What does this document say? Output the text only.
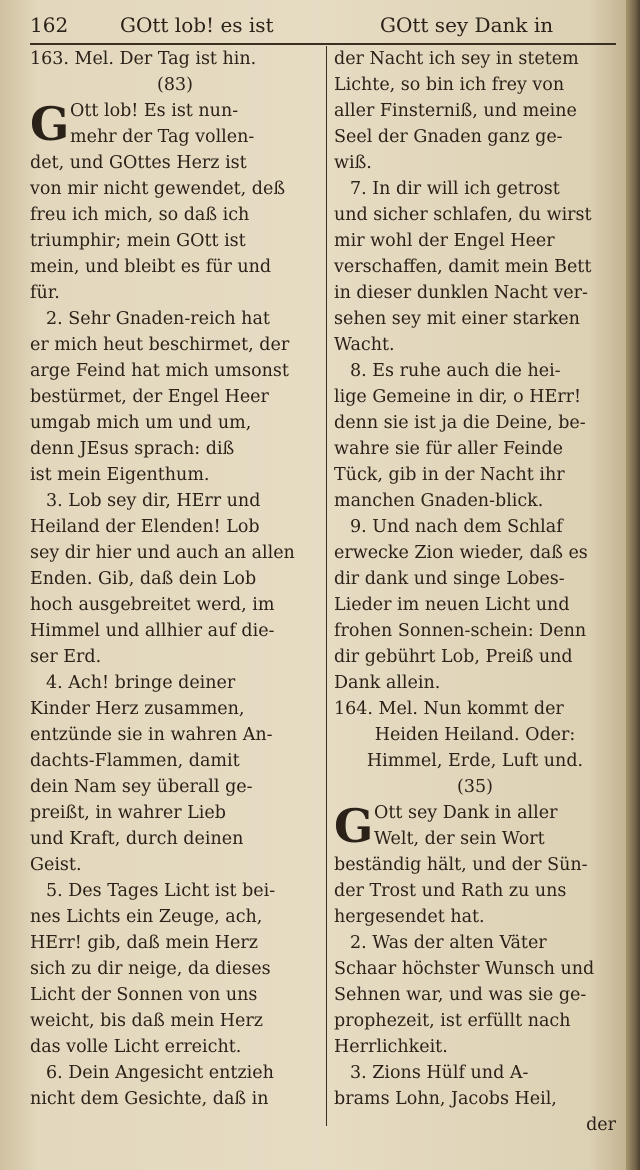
162	GOtt lob! es ist	GOtt sey Dank in
163. Mel. Der Tag ist hin.
(83)
G Ott lob! Es ist nun-
mehr der Tag vollen-
det, und GOttes Herz ist
von mir nicht gewendet, deß
freu ich mich, so daß ich
triumphir; mein GOtt ist
mein, und bleibt es für und
für.
2. Sehr Gnaden-reich hat
er mich heut beschirmet, der
arge Feind hat mich umsonst
bestürmet, der Engel Heer
umgab mich um und um,
denn JEsus sprach: diß
ist mein Eigenthum.
3. Lob sey dir, HErr und
Heiland der Elenden! Lob
sey dir hier und auch an allen
Enden. Gib, daß dein Lob
hoch ausgebreitet werd, im
Himmel und allhier auf die-
ser Erd.
4. Ach! bringe deiner
Kinder Herz zusammen,
entzünde sie in wahren An-
dachts-Flammen, damit
dein Nam sey überall ge-
preißt, in wahrer Lieb
und Kraft, durch deinen
Geist.
5. Des Tages Licht ist bei-
nes Lichts ein Zeuge, ach,
HErr! gib, daß mein Herz
sich zu dir neige, da dieses
Licht der Sonnen von uns
weicht, bis daß mein Herz
das volle Licht erreicht.
6. Dein Angesicht entzieh
nicht dem Gesichte, daß in
der Nacht ich sey in stetem
Lichte, so bin ich frey von
aller Finsterniß, und meine
Seel der Gnaden ganz ge-
wiß.
7. In dir will ich getrost
und sicher schlafen, du wirst
mir wohl der Engel Heer
verschaffen, damit mein Bett
in dieser dunklen Nacht ver-
sehen sey mit einer starken
Wacht.
8. Es ruhe auch die hei-
lige Gemeine in dir, o HErr!
denn sie ist ja die Deine, be-
wahre sie für aller Feinde
Tück, gib in der Nacht ihr
manchen Gnaden-blick.
9. Und nach dem Schlaf
erwecke Zion wieder, daß es
dir dank und singe Lobes-
Lieder im neuen Licht und
frohen Sonnen-schein: Denn
dir gebührt Lob, Preiß und
Dank allein.
164. Mel. Nun kommt der
Heiden Heiland. Oder:
Himmel, Erde, Luft und.
(35)
G Ott sey Dank in aller
Welt, der sein Wort
beständig hält, und der Sün-
der Trost und Rath zu uns
hergesendet hat.
2. Was der alten Väter
Schaar höchster Wunsch und
Sehnen war, und was sie ge-
prophezeit, ist erfüllt nach
Herrlichkeit.
3. Zions Hülf und A-
brams Lohn, Jacobs Heil,
der
